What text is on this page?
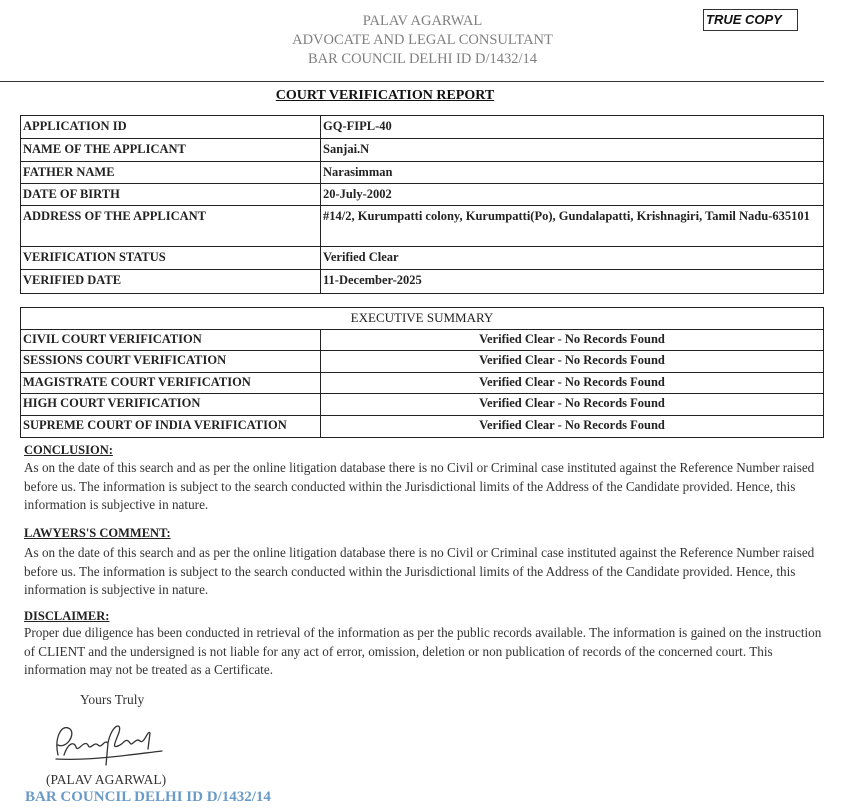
PALAV AGARWAL
ADVOCATE AND LEGAL CONSULTANT
BAR COUNCIL DELHI ID D/1432/14
TRUE COPY
COURT VERIFICATION REPORT
APPLICATION ID	GQ-FIPL-40
NAME OF THE APPLICANT	Sanjai.N
FATHER NAME	Narasimman
DATE OF BIRTH	20-July-2002
ADDRESS OF THE APPLICANT	#14/2, Kurumpatti colony, Kurumpatti(Po), Gundalapatti, Krishnagiri, Tamil Nadu-635101
VERIFICATION STATUS	Verified Clear
VERIFIED DATE	11-December-2025
EXECUTIVE SUMMARY	
CIVIL COURT VERIFICATION	Verified Clear - No Records Found
SESSIONS COURT VERIFICATION	Verified Clear - No Records Found
MAGISTRATE COURT VERIFICATION	Verified Clear - No Records Found
HIGH COURT VERIFICATION	Verified Clear - No Records Found
SUPREME COURT OF INDIA VERIFICATION	Verified Clear - No Records Found
CONCLUSION:
As on the date of this search and as per the online litigation database there is no Civil or Criminal case instituted against the Reference Number raised before us. The information is subject to the search conducted within the Jurisdictional limits of the Address of the Candidate provided. Hence, this information is subjective in nature.
LAWYERS'S COMMENT:
As on the date of this search and as per the online litigation database there is no Civil or Criminal case instituted against the Reference Number raised before us. The information is subject to the search conducted within the Jurisdictional limits of the Address of the Candidate provided. Hence, this information is subjective in nature.
DISCLAIMER:
Proper due diligence has been conducted in retrieval of the information as per the public records available. The information is gained on the instruction of CLIENT and the undersigned is not liable for any act of error, omission, deletion or non publication of records of the concerned court. This information may not be treated as a Certificate.
Yours Truly
(PALAV AGARWAL)
BAR COUNCIL DELHI ID D/1432/14
